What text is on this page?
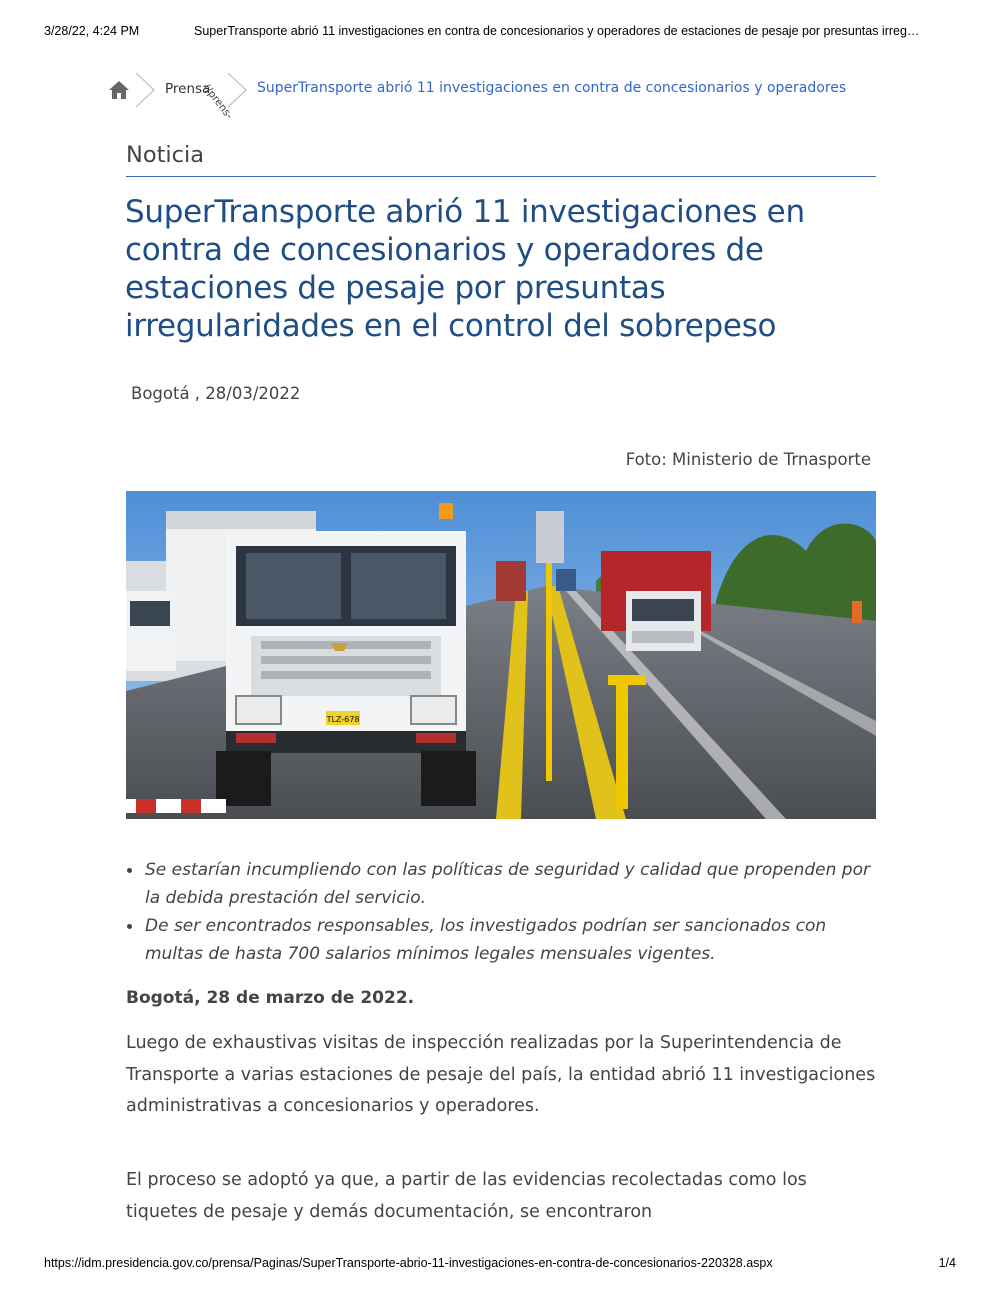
3/28/22, 4:24 PM	SuperTransporte abrió 11 investigaciones en contra de concesionarios y operadores de estaciones de pesaje por presuntas irreg…
Prensa
(/prens- SuperTransporte abrió 11 investigaciones en contra de concesionarios y operadores
Noticia
SuperTransporte abrió 11 investigaciones en contra de concesionarios y operadores de estaciones de pesaje por presuntas irregularidades en el control del sobrepeso
Bogotá , 28/03/2022
Foto: Ministerio de Trnasporte
TLZ-678
Se estarían incumpliendo con las políticas de seguridad y calidad que propenden por la debida prestación del servicio.
De ser encontrados responsables, los investigados podrían ser sancionados con multas de hasta 700 salarios mínimos legales mensuales vigentes.
Bogotá, 28 de marzo de 2022.

Luego de exhaustivas visitas de inspección realizadas por la Superintendencia de Transporte a varias estaciones de pesaje del país, la entidad abrió 11 investigaciones administrativas a concesionarios y operadores.

El proceso se adoptó ya que, a partir de las evidencias recolectadas como los tiquetes de pesaje y demás documentación, se encontraron

https://idm.presidencia.gov.co/prensa/Paginas/SuperTransporte-abrio-11-investigaciones-en-contra-de-concesionarios-220328.aspx	1/4
